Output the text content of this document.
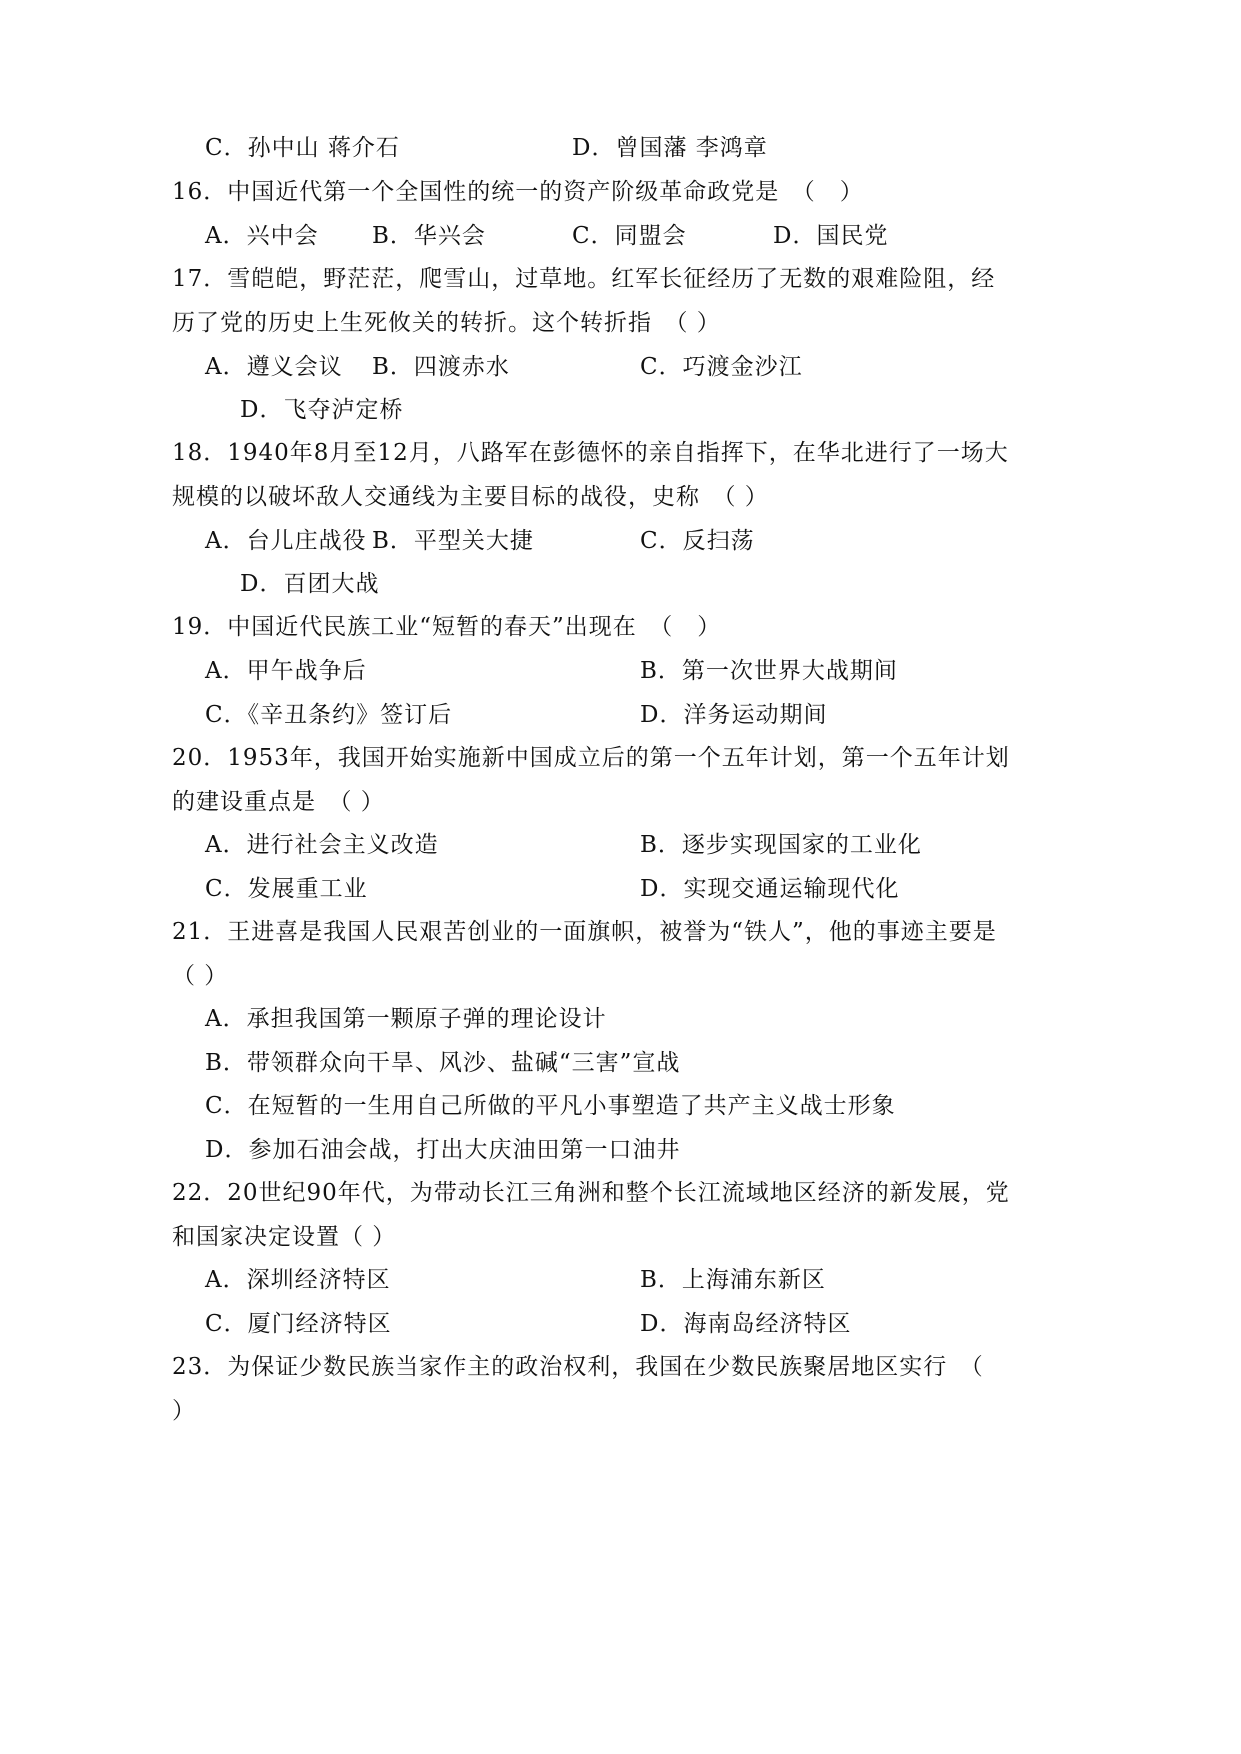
C．孙中山 蒋介石	D．曾国藩 李鸿章
16．中国近代第一个全国性的统一的资产阶级革命政党是　（　）
A．兴中会 B．华兴会	C．同盟会	D．国民党
17．雪皑皑，野茫茫，爬雪山，过草地。红军长征经历了无数的艰难险阻，经
历了党的历史上生死攸关的转折。这个转折指　（ ）
A．遵义会议 B．四渡赤水	C．巧渡金沙江
D．飞夺泸定桥
18．1940年8月至12月，八路军在彭德怀的亲自指挥下，在华北进行了一场大
规模的以破坏敌人交通线为主要目标的战役，史称　（ ）
A．台儿庄战役 B．平型关大捷	C．反扫荡
D．百团大战
19．中国近代民族工业“短暂的春天”出现在　（　）
A．甲午战争后	B．第一次世界大战期间
C．《辛丑条约》签订后	D．洋务运动期间
20．1953年，我国开始实施新中国成立后的第一个五年计划，第一个五年计划
的建设重点是　（ ）
A．进行社会主义改造	B．逐步实现国家的工业化
C．发展重工业	D．实现交通运输现代化
21．王进喜是我国人民艰苦创业的一面旗帜，被誉为“铁人”，他的事迹主要是
（ ）
A．承担我国第一颗原子弹的理论设计
B．带领群众向干旱、风沙、盐碱“三害”宣战
C．在短暂的一生用自己所做的平凡小事塑造了共产主义战士形象
D．参加石油会战，打出大庆油田第一口油井
22．20世纪90年代，为带动长江三角洲和整个长江流域地区经济的新发展，党
和国家决定设置（ ）
A．深圳经济特区	B．上海浦东新区
C．厦门经济特区	D．海南岛经济特区
23．为保证少数民族当家作主的政治权利，我国在少数民族聚居地区实行　（
）
